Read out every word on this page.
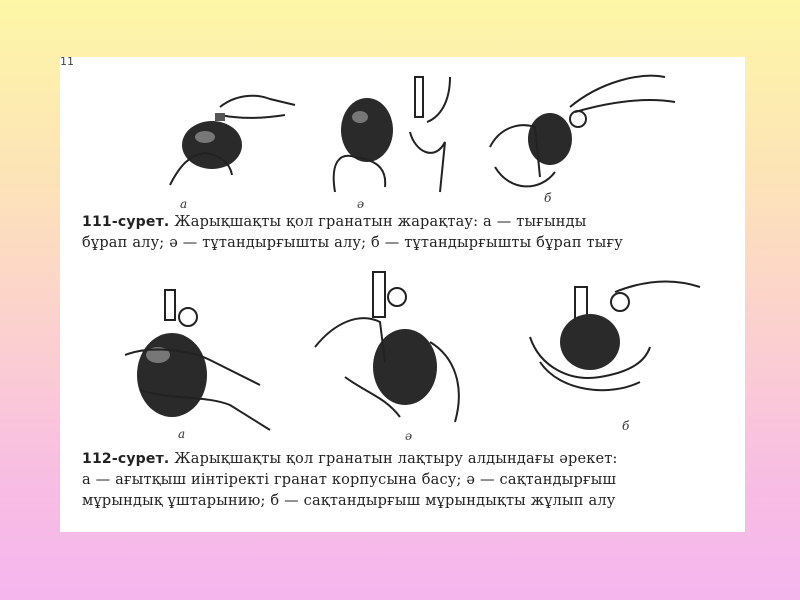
11
а	ә	б
111-сурет. Жарықшақты қол гранатын жарақтау: а — тығынды
бұрап алу; ә — тұтандырғышты алу; б — тұтандырғышты бұрап тығу
а	ә
б
112-сурет. Жарықшақты қол гранатын лақтыру алдындағы әрекет:
а — ағытқыш иінтіректі гранат корпусына басу; ә — сақтандырғыш
мұрындық ұштарынию; б — сақтандырғыш мұрындықты жұлып алу
